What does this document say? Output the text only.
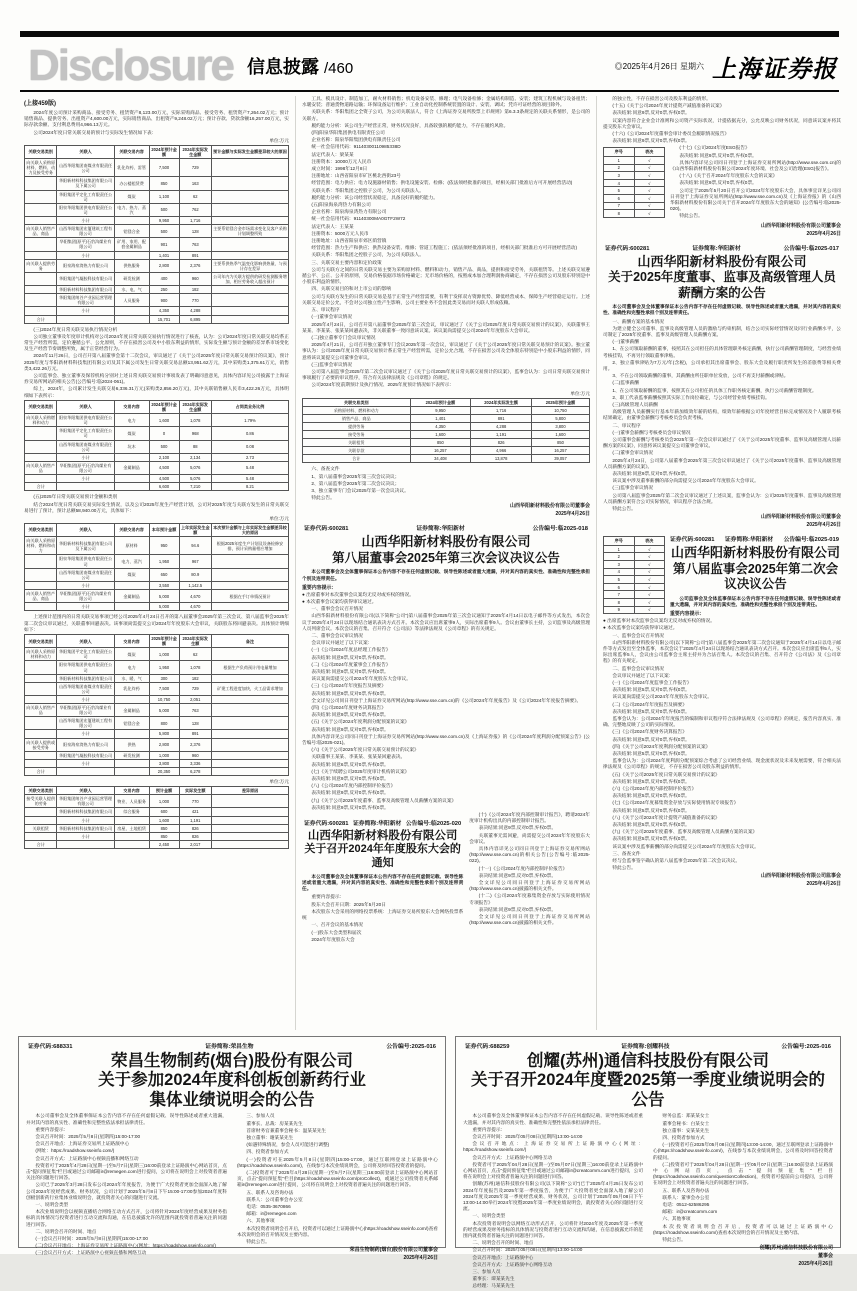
Disclosure 信息披露 /460	◎2025年4月26日 星期六 上海证券报
(上接459版)
2024年度公司预计采购商品、接受劳务、租赁资产8,123.00万元，实际采购商品、接受劳务、租赁资产7,264.02万元；预计销售商品、提供劳务、出租资产4,600.00万元，实际销售商品、出租资产9,248.02万元；预计存款、贷款余额16,257.00万元，实际存款余额、支付利息费用4,966.13万元。
公司2024年度日常关联交易的预计与实际发生情况如下表：
单位:万元
关联交易类别	关联人	关联交易内容	2024年预计金额	2024年实际发生金额	预计金额与实际发生金额差异较大的原因
向关联人采购原材料、燃料、动力及接受劳务	山西华阳集团南煤业有限责任公司	乳化炸药、雷管	7,500	729	
	华阳新材料科技集团有限公司及下属公司	办公楼租赁费	850	163	
	华阳集团平定化工有限责任公司	煤炭	1,100	62	
	阳泉华阳集团供电有限责任公司	电力、热力、蒸汽	500	762	
	小计		9,950	1,716	
向关联人销售产品、商品	山西华阳集团宏厦建筑工程有限公司	铝镁合金	500	128	主要系铝镁合金市场需求变化及客户采购计划调整所致
	华阳集团(原平)石豹沟煤业有限公司	矿用、家用、配套金属制品	901	763	
	小计		1,401	891	
向关联人提供劳务	阳泉海泉湾热力有限公司	供热服务	2,800	2,376	主要系供热季气温变化影响供热量，与预计存在差异
	华阳集团气凝胶科技有限公司	研发检测	400	960	公司年内为关联方提供的研发检测服务增加，相应劳务收入超出预计
	华阳新材料科技集团有限公司	水、电、气	250	182	
	华阳集团纳谷产业园运营管理有限公司	人员服务	900	770	
	小计		4,350	4,288	
合计			15,701	6,895	
(三)2024年度日常关联交易执行情况分析
公司独立董事及年度审计机构对公司2024年度日常关联交易执行情况进行了核查，认为：公司2024年度日常关联交易均系正常生产经营所需，定价遵循公平、公允原则，不存在损害公司及中小股东利益的情形，实际发生额与预计金额的差异系市场变化及生产经营节奏调整所致，属于正常经营行为。
2024年11月26日，公司召开第八届董事会第十二次会议，审议通过了《关于公司2025年度日常关联交易预计的议案》，预计2025年度与华阳新材料科技集团有限公司及其下属公司发生日常关联交易总额13,951.62万元，其中采购类1,375.61万元，销售类3,422.26万元。
公司监事会、独立董事及保荐机构分别对上述日常关联交易预计事项发表了明确同意意见，具体内容详见公司披露于上海证券交易所网站的相关公告(公告编号:临2024-061)。
综上，2024年，公司累计发生关联交易6,336.31万元(采购类2,856.20万元)，其中关联销售额人民币3,422.26万元，具体明细如下表所示：
关联交易类别	关联人	交易内容	2024年预计金额	2024年实际发生金额	占同类业务比例
向关联人采购燃料和动力	阳泉华阳集团供电有限责任公司	电力	1,600	1,078	1.79%
	华阳集团平定化工有限责任公司	煤炭	0	968	0.86
	山西华阳集团南煤业有限责任公司	坑木	500	88	0.08
	小计		2,100	2,134	2.73
向关联人销售产品	华阳集团(原平)石豹沟煤业有限公司	金属制品	4,500	5,076	5.48
	小计		4,500	5,076	5.48
合计			6,600	7,210	8.21
(五)2025年日常关联交易预计金额和类别
结合2024年度日常关联交易实际发生情况，以及公司2025年度生产经营计划，公司对2025年度与关联方发生的日常关联交易进行了预计，预计总额58,940.00万元，具体如下：
单位:万元
关联交易类别	关联人	关联交易内容	本年预计金额	上年实际发生金额	本次预计金额与上年实际发生金额差异较大的原因
向关联人采购原材料、燃料和动力	华阳新材料科技集团有限公司及下属公司	原材料	950	94.6	根据2025年度生产计划及设备检修安排，预计采购量相应增加
	阳泉华阳集团供电有限责任公司	电力、蒸汽	1,950	967	
	山西华阳集团南煤业有限责任公司	煤炭	650	80.9	
	小计		3,550	1,142.5	
向关联人销售产品、商品	华阳集团(原平)石豹沟煤业有限公司	金属制品	5,000	4,670	根据在手订单情况预计
	小计		5,000	4,670	
上述预计范围内的日常关联交易事项已经公司2025年4月24日召开的第八届董事会2025年第三次会议、第八届监事会2025年第二次会议审议通过，关联董事回避表决。该事项尚需提交公司2024年年度股东大会审议，关联股东将回避表决。具体预计明细如下：
关联交易类别	关联人	交易内容	2025年预计金额	2024年实际发生额	备注
向关联人采购原材料和动力	华阳集团平定化工有限责任公司	煤炭	1,000	62	
	阳泉华阳集团供电有限责任公司	电力	1,950	1,078	根据生产负荷预计用电量增加
	华阳新材料科技集团有限公司	水、暖、气	300	182	
	山西华阳集团南煤业有限责任公司	乳化炸药	7,500	729	矿建工程进度加快，火工品需求增加
	小计		10,750	2,051	
向关联人销售产品	华阳集团(原平)石豹沟煤业有限公司	金属制品	5,000	763	
	山西华阳集团宏厦建筑工程有限公司	铝镁合金	800	128	
	小计		5,800	891	
向关联人提供或接受劳务	阳泉海泉湾热力有限公司	供热	2,800	2,376	
	华阳集团气凝胶科技有限公司	研发检测	1,000	960	
	小计		3,800	3,336	
合计			20,350	6,278	
单位:万元
关联交易类别	关联人	交易内容	预计金额	实际发生额	差异原因
接受关联人提供的劳务	华阳集团纳谷产业园运营管理有限公司	物业、人员服务	1,000	770	
	华阳新材料科技集团有限公司	综合服务	600	421	
	小计		1,600	1,191	
关联租赁	华阳新材料科技集团有限公司	房屋、土地租赁	850	826	
	小计		850	826	
合计			2,450	2,017	
工具、模具设计、制造加工，耐火材料销售；机电设备安装、修理；电气设备检修；金属结构制造、安装；建筑工程机械与设备租赁；水暖安装；普通货物道路运输；环保设备运行维护；工业自动化控制系统装置的设计、安装、调试；凭许可证经营的项目除外。
关联关系：华阳集团之全资子公司，为公司关联法人，符合《上海证券交易所股票上市规则》第6.3.3条规定的关联关系情形，是公司的关联方。
履约能力分析：该公司生产经营正常，财务状况良好，具备较强的履约能力，不存在履约风险。
(四)阳泉华阳集团供电有限责任公司
企业名称：阳泉华阳集团供电有限责任公司
统一社会信用代码：91140300110985338D
法定代表人：梁某某
注册资本：10000万元人民币
成立时间：1998年12月8日
注册地址：山西省阳泉市矿区桃北西街23号
经营范围：电力供应；电力设施器材销售；供电设施安装、检修；(依法须经批准的项目，经相关部门批准后方可开展经营活动)
关联关系：华阳集团之控股子公司，为公司关联法人。
履约能力分析：该公司经营状况稳定，具备良好的履约能力。
(五)阳泉海泉湾热力有限公司
企业名称：阳泉海泉湾热力有限公司
统一社会信用代码：91140300MA0GTF2W72
法定代表人：王某某
注册资本：5000万元人民币
注册地址：山西省阳泉市郊区荫营镇
经营范围：热力生产和供应；供热设备安装、维修；管道工程施工；(依法须经批准的项目，经相关部门批准后方可开展经营活动)
关联关系：华阳集团之控股子公司，为公司关联法人。
三、关联交易主要内容和定价政策
公司与关联方之间的日常关联交易主要为采购原材料、燃料和动力，销售产品、商品，提供和接受劳务，关联租赁等。上述关联交易遵循公平、公正、公开的原则，交易价格依据市场价格确定；无市场价格的，按照成本加合理利润协商确定，不存在损害公司及股东特别是中小股东利益的情形。
四、关联交易目的和对上市公司的影响
公司与关联方发生的日常关联交易是基于正常生产经营需要，有利于发挥双方资源优势、降低经营成本、保障生产经营稳定运行。上述关联交易定价公允，不会对公司独立性产生影响，公司主要业务不会因此类交易而对关联人形成依赖。
五、审议程序
(一)董事会审议情况
2025年4月24日，公司召开第八届董事会2025年第三次会议，审议通过了《关于公司2025年度日常关联交易预计的议案》，关联董事王某某、李某某、张某某回避表决，非关联董事一致同意该议案。该议案尚需提交公司2024年年度股东大会审议。
(二)独立董事专门会议审议情况
2025年4月21日，公司召开独立董事专门会议2025年第一次会议，审议通过了《关于公司2025年度日常关联交易预计的议案》。独立董事认为：公司2025年度日常关联交易预计系正常生产经营所需，定价公允合理，不存在损害公司及全体股东特别是中小股东利益的情形，同意将该议案提交公司董事会审议。
(三)监事会审议情况
公司第八届监事会2025年第二次会议审议通过了《关于公司2025年度日常关联交易预计的议案》，监事会认为：公司日常关联交易预计事项履行了必要的审议程序，符合有关法律法规及《公司章程》的规定。
公司2024年度前期预计及执行情况、2025年度预计情况如下表所示：
单位:万元
关联交易类别	2024年预计金额	2024年实际发生额	2025年预计金额
采购原材料、燃料和动力	9,950	1,716	10,750
销售产品、商品	1,401	891	5,800
提供劳务	4,350	4,288	3,800
接受劳务	1,600	1,191	1,600
关联租赁	850	826	850
关联存款	16,257	4,966	16,257
合计	34,408	13,878	39,057
六、备查文件
1、第八届董事会2025年第三次会议决议；
2、第八届监事会2025年第二次会议决议；
3、独立董事专门会议2025年第一次会议决议。
特此公告。
山西华阳新材料股份有限公司董事会
2025年4月26日
证券代码:600281	证券简称:华阳新材	公告编号:临2025-018
山西华阳新材料股份有限公司
第八届董事会2025年第三次会议决议公告
本公司董事会及全体董事保证本公告内容不存在任何虚假记载、误导性陈述或者重大遗漏，并对其内容的真实性、准确性和完整性承担个别及连带责任。
重要内容提示：
● 出席董事对本次董事会议案均无反对或弃权的情况。
● 本次董事会议案均获得审议通过。
一、董事会会议召开情况
山西华阳新材料股份有限公司(以下简称“公司”)第八届董事会2025年第三次会议通知于2025年4月14日以电子邮件等方式发出，本次会议于2025年4月24日以现场结合通讯表决方式召开。本次会议应出席董事9人，实际出席董事9人。会议由董事长主持，公司监事及高级管理人员列席会议。本次会议的召集、召开符合《公司法》等法律法规及《公司章程》的有关规定。
二、董事会会议审议情况
会议审议并通过了以下议案：
(一)《公司2024年度总经理工作报告》
表决结果:同意9票,反对0票,弃权0票。
(二)《公司2024年度董事会工作报告》
表决结果:同意9票,反对0票,弃权0票。
该议案尚需提交公司2024年年度股东大会审议。
(三)《公司2024年年度报告及摘要》
表决结果:同意9票,反对0票,弃权0票。
全文详见公司同日刊登于上海证券交易所网站(http://www.sse.com.cn)的《公司2024年年度报告》及《公司2024年年度报告摘要》。
(四)《公司2024年度财务决算报告》
表决结果:同意9票,反对0票,弃权0票。
(五)《关于公司2024年度利润分配预案的议案》
表决结果:同意9票,反对0票,弃权0票。
具体内容详见公司同日刊登于上海证券交易所网站(http://www.sse.com.cn)及《上海证券报》的《公司2024年度利润分配预案公告》(公告编号:临2025-021)。
(六)《关于公司2025年度日常关联交易预计的议案》
关联董事王某某、李某某、张某某回避表决。
表决结果:同意6票,反对0票,弃权0票。
(七)《关于续聘公司2025年度审计机构的议案》
表决结果:同意9票,反对0票,弃权0票。
(八)《公司2024年度内部控制评价报告》
表决结果:同意9票,反对0票,弃权0票。
(九)《关于公司2025年度董事、监事及高级管理人员薪酬方案的议案》
表决结果:同意9票,反对0票,弃权0票。
证券代码:600281 证券简称:华阳新材 公告编号:临2025-020
山西华阳新材料股份有限公司
关于召开2024年年度股东大会的通知
本公司董事会及全体董事保证本公告内容不存在任何虚假记载、误导性陈述或者重大遗漏，并对其内容的真实性、准确性和完整性承担个别及连带责任。
重要内容提示：
股东大会召开日期：2025年5月20日
本次股东大会采用的网络投票系统：上海证券交易所股东大会网络投票系统
一、召开会议的基本情况
(一)股东大会类型和届次
2024年年度股东大会
(十)《公司2024年度内部控制审计报告》，聘请2024年度审计机构出具的内部控制审计报告。
表决结果:同意9票,反对0票,弃权0票。
关联董事无需回避，尚需提交公司2024年年度股东大会审议。
具体内容详见公司同日刊登于上海证券交易所网站(http://www.sse.com.cn)的相关公告(公告编号:临2025-022)。
(十一)《公司2024年度内部控制评价报告》
表决结果:同意9票,反对0票,弃权0票。
全文详见公司同日刊登于上海证券交易所网站(http://www.sse.com.cn)披露的相关文件。
(十二)《公司2024年度募集资金存放与实际使用情况专项报告》
表决结果:同意9票,反对0票,弃权0票。
全文详见公司同日刊登于上海证券交易所网站(http://www.sse.com.cn)披露的相关文件。
的独立性，不存在损害公司及股东利益的情形。
(十五)《关于公司2024年度计提资产减值准备的议案》
表决结果:同意9票,反对0票,弃权0票。
议案内容符合企业会计准则和公司资产实际状况，计提依据充分，公允反映公司财务状况，同意该议案并将其提交股东大会审议。
(十六)《公司2024年度董事会审计委员会履职情况报告》
表决结果:同意9票,反对0票,弃权0票。
序号	表决
1	√
2	√
3	√
4	√
5	√
6	√
7	√
8	√
(十七)《公司2024年度ESG报告》
表决结果:同意9票,反对0票,弃权0票。
具体内容详见公司同日刊登于上海证券交易所网站(http://www.sse.com.cn)的《山西华阳新材料股份有限公司2024年度环境、社会及公司治理(ESG)报告》。
(十八)《关于召开2024年年度股东大会的议案》
表决结果:同意9票,反对0票,弃权0票。
公司定于2025年5月20日召开公司2024年年度股东大会，具体事宜详见公司同日刊登于上海证券交易所网站(http://www.sse.com.cn)及《上海证券报》的《山西华阳新材料股份有限公司关于召开2024年年度股东大会的通知》(公告编号:临2025-020)。
特此公告。
山西华阳新材料股份有限公司董事会
2025年4月26日
证券代码:600281	证券简称:华阳新材	公告编号:临2025-017
山西华阳新材料股份有限公司
关于2025年度董事、监事及高级管理人员薪酬方案的公告
本公司董事会及全体董事保证本公告内容不存在任何虚假记载、误导性陈述或者重大遗漏，并对其内容的真实性、准确性和完整性承担个别及连带责任。
一、薪酬方案的基本情况
为建立健全公司董事、监事及高级管理人员的激励与约束机制，结合公司实际经营情况及同行业薪酬水平，公司制定了2025年度董事、监事及高级管理人员薪酬方案。
(一)董事薪酬
1、在公司领取薪酬的董事，按照其在公司担任的具体管理职务核定薪酬，执行公司薪酬管理制度，与经营业绩考核挂钩，不再另行领取董事津贴。
2、独立董事津贴为7万元/年(含税)，公司承担其出席董事会、股东大会及履行职责所发生的差旅费等相关费用。
3、不在公司领取薪酬的董事，其薪酬由所任职单位发放，公司不再支付薪酬或津贴。
(二)监事薪酬
1、在公司领取薪酬的监事，按照其在公司担任的具体工作职务核定薪酬，执行公司薪酬管理制度。
2、职工代表监事薪酬按照其实际工作岗位确定，与公司经营业绩考核挂钩。
(三)高级管理人员薪酬
高级管理人员薪酬实行基本年薪加绩效年薪的结构，绩效年薪根据公司年度经营目标完成情况及个人履职考核结果确定，由董事会薪酬与考核委员会负责考核。
二、审议程序
(一)董事会薪酬与考核委员会审议情况
公司董事会薪酬与考核委员会2025年第一次会议审议通过了《关于公司2025年度董事、监事及高级管理人员薪酬方案的议案》，同意将该议案提交公司董事会审议。
(二)董事会审议情况
2025年4月24日，公司第八届董事会2025年第三次会议审议通过了《关于公司2025年度董事、监事及高级管理人员薪酬方案的议案》。
表决结果:同意9票,反对0票,弃权0票。
该议案中涉及董事薪酬的部分尚需提交公司2024年年度股东大会审议。
(三)监事会审议情况
公司第八届监事会2025年第二次会议审议通过了上述议案，监事会认为：公司2025年度董事、监事及高级管理人员薪酬方案符合公司实际情况，审议程序合法合规。
特此公告。
山西华阳新材料股份有限公司董事会
2025年4月26日
序号	表决
1	√
2	√
3	√
4	√
5	√
6	√
7	√
8	√
9	√
证券代码:600281 证券简称:华阳新材 公告编号:临2025-019
山西华阳新材料股份有限公司
第八届监事会2025年第二次会议决议公告
公司监事会及全体监事保证本公告内容不存在任何虚假记载、误导性陈述或者重大遗漏，并对其内容的真实性、准确性和完整性承担个别及连带责任。
重要内容提示：
● 出席监事对本次监事会议案均无反对或弃权的情况。
● 本次监事会议案均获得审议通过。
一、监事会会议召开情况
山西华阳新材料股份有限公司(以下简称“公司”)第八届监事会2025年第二次会议通知于2025年4月14日以电子邮件等方式发出至全体监事，本次会议于2025年4月24日以现场结合通讯表决方式召开。本次会议应出席监事5人，实际出席监事5人，会议由公司监事会主席主持并为合法召集人。本次会议的召集、召开符合《公司法》及《公司章程》的有关规定。
二、监事会会议审议情况
会议审议并通过了以下议案：
(一)《公司2024年度监事会工作报告》
表决结果:同意5票,反对0票,弃权0票。
该议案尚需提交公司2024年年度股东大会审议。
(二)《公司2024年年度报告及摘要》
表决结果:同意5票,反对0票,弃权0票。
监事会认为：公司2024年年度报告的编制和审议程序符合法律法规及《公司章程》的规定，报告内容真实、准确、完整地反映了公司的实际情况。
(三)《公司2024年度财务决算报告》
表决结果:同意5票,反对0票,弃权0票。
(四)《关于公司2024年度利润分配预案的议案》
表决结果:同意5票,反对0票,弃权0票。
监事会认为：公司2024年度利润分配预案综合考虑了公司经营业绩、现金流状况及未来发展需要，符合相关法律法规及《公司章程》的规定，不存在损害公司及股东利益的情形。
(五)《关于公司2025年度日常关联交易预计的议案》
表决结果:同意5票,反对0票,弃权0票。
(六)《公司2024年度内部控制评价报告》
表决结果:同意5票,反对0票,弃权0票。
(七)《公司2024年度募集资金存放与实际使用情况专项报告》
表决结果:同意5票,反对0票,弃权0票。
(八)《关于公司2024年度计提资产减值准备的议案》
表决结果:同意5票,反对0票,弃权0票。
(九)《关于公司2025年度董事、监事及高级管理人员薪酬方案的议案》
表决结果:同意5票,反对0票,弃权0票。
该议案中涉及监事薪酬的部分尚需提交公司2024年年度股东大会审议。
三、备查文件
经与会监事签字确认的第八届监事会2025年第二次会议决议。
特此公告。
山西华阳新材料股份有限公司监事会
2025年4月26日
证券代码:688331	证券简称:荣昌生物	公告编号:2025-016
荣昌生物制药(烟台)股份有限公司
关于参加2024年度科创板创新药行业
集体业绩说明会的公告
本公司董事会及全体董事保证本公告内容不存在任何虚假记载、误导性陈述或者重大遗漏，并对其内容的真实性、准确性和完整性依法承担法律责任。
重要内容提示：
会议召开时间：2025年5月8日(星期四)15:00-17:00
会议召开地点：上海证券交易所上证路演中心
(网址：https://roadshow.sseinfo.com/)
会议召开方式：上证路演中心视频直播和网络互动
投资者可于2025年4月28日(星期一)至5月7日(星期三)16:00前登录上证路演中心网站首页，点击“提问预征集”栏目或通过公司邮箱ir@remegen.com进行提问，公司将在说明会上对投资者普遍关注的问题进行回答。
公司已于2025年3月28日发布公司2024年年度报告，为便于广大投资者更加全面深入地了解公司2024年度经营成果、财务状况，公司计划于2025年5月8日下午15:00-17:00参加2024年度科创板创新药行业集体业绩说明会，就投资者关心的问题进行交流。
一、说明会类型
本次业绩说明会以视频直播结合网络互动方式召开，公司将针对2024年度经营成果及财务指标的具体情况与投资者进行互动交流和沟通，在信息披露允许的范围内就投资者普遍关注的问题进行回答。
二、说明会召开的时间、地点
(一)会议召开时间：2025年5月8日(星期四)15:00-17:00
(二)会议召开地点：上海证券交易所上证路演中心(网址：https://roadshow.sseinfo.com/)
(三)会议召开方式：上证路演中心视频直播和网络互动
三、参加人员
董事长、总裁：房某某先生
首席财务官兼董事会秘书：温某某先生
独立董事：谢某某先生
(如遇特殊情况，参会人员可能进行调整)
四、投资者参加方式
(一)投资者可在2025年5月8日(星期四)15:00-17:00，通过互联网登录上证路演中心(https://roadshow.sseinfo.com/)，在线参与本次业绩说明会，公司将及时回答投资者的提问。
(二)投资者可于2025年4月28日(星期一)至5月7日(星期三)16:00前登录上证路演中心网站首页，点击“提问预征集”栏目(https://roadshow.sseinfo.com/proCollect)，或通过公司投资者关系邮箱ir@remegen.com进行提问，公司将在说明会上对投资者普遍关注的问题进行回答。
五、联系人及咨询办法
联系人：公司董事会办公室
电话：0535-3670866
邮箱：ir@remegen.com
六、其他事项
本次投资者说明会召开后，投资者可以通过上证路演中心(https://roadshow.sseinfo.com/)查看本次说明会的召开情况及主要内容。
特此公告。
荣昌生物制药(烟台)股份有限公司董事会
2025年4月26日
证券代码:688259	证券简称:创耀科技	公告编号:2025-016
创耀(苏州)通信科技股份有限公司
关于召开2024年度暨2025第一季度业绩说明会的公告
本公司董事会及全体董事保证本公告内容不存在任何虚假记载、误导性陈述或者重大遗漏，并对其内容的真实性、准确性和完整性依法承担法律责任。
重要内容提示：
会议召开时间：2025年05月08日(星期四)13:00-14:00
会议召开地点：上海证券交易所上证路演中心(网址：https://roadshow.sseinfo.com/)
会议召开方式：上证路演中心网络互动
投资者可于2025年04月28日(星期一)至05月07日(星期三)16:00前登录上证路演中心网站首页，点击“提问预征集”栏目或通过公司邮箱ir@creatcomm.com进行提问，公司将在说明会上对投资者普遍关注的问题进行回答。
创耀(苏州)通信科技股份有限公司(以下简称“公司”)已于2025年4月25日发布公司2024年年度报告及2025年第一季度报告，为便于广大投资者更全面深入地了解公司2024年度及2025年第一季度经营成果、财务状况，公司计划于2025年05月08日下午13:00-14:00举行2024年度暨2025年第一季度业绩说明会，就投资者关心的问题进行交流。
一、说明会类型
本次投资者说明会以网络互动形式召开，公司将针对2024年度及2025年第一季度的经营成果及财务指标的具体情况与投资者进行互动交流和沟通，在信息披露允许的范围内就投资者普遍关注的问题进行回答。
二、说明会召开的时间、地点
会议召开时间：2025年05月08日(星期四)13:00-14:00
会议召开地点：上证路演中心
会议召开方式：上证路演中心网络互动
三、参加人员
董事长：谭某某先生
总经理：马某某先生
财务总监：郑某某女士
董事会秘书：白某女士
独立董事：安某某先生
四、投资者参加方式
(一)投资者可在2025年05月08日(星期四)13:00-14:00，通过互联网登录上证路演中心(https://roadshow.sseinfo.com/)，在线参与本次业绩说明会，公司将及时回答投资者的提问。
(二)投资者可于2025年04月28日(星期一)至05月07日(星期三)16:00前登录上证路演中心网站首页，点击“提问预征集”栏目(https://roadshow.sseinfo.com/questionCollection)，投资者可提前向公司提问，公司将在说明会上对投资者普遍关注的问题进行回答。
五、联系人及咨询办法
联系人：董事会办公室
电话：0512-62586295
邮箱：ir@creatcomm.com
六、其他事项
本次投资者说明会召开后，投资者可以通过上证路演中心(https://roadshow.sseinfo.com/)查看本次说明会的召开情况及主要内容。
特此公告。
创耀(苏州)通信科技股份有限公司
董事会
2025年4月26日
